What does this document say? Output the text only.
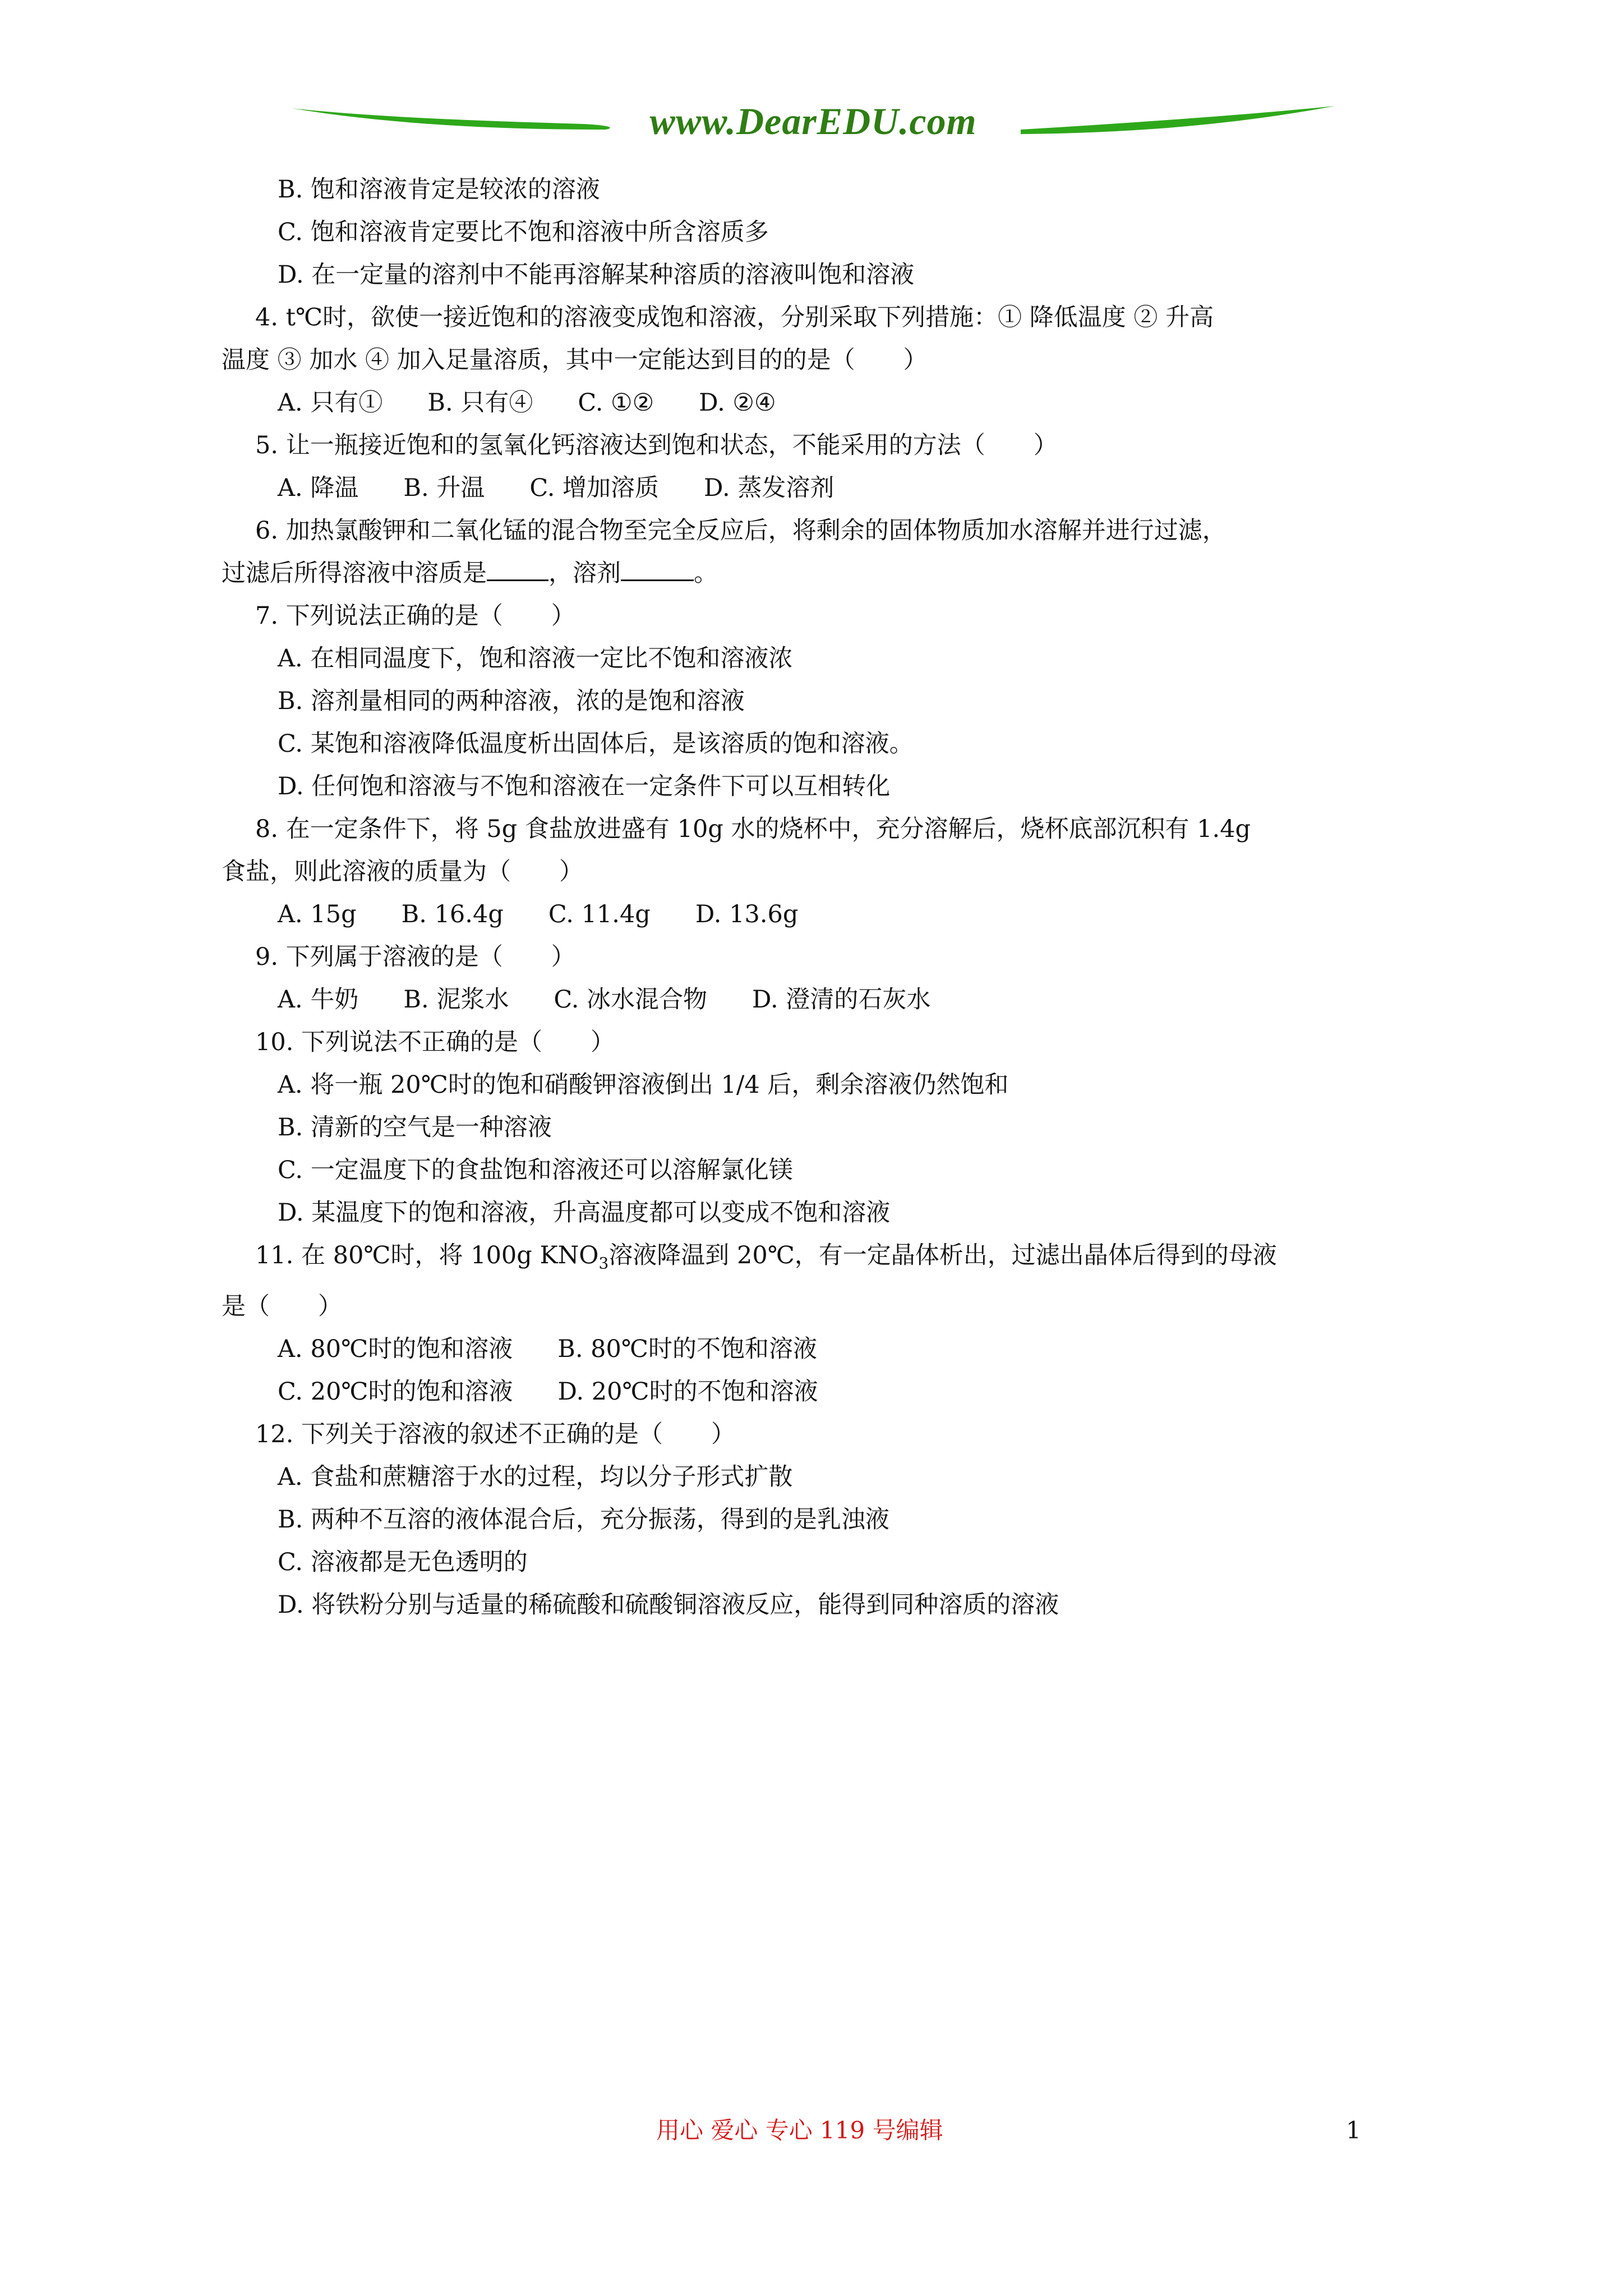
www.DearEDU.com
B. 饱和溶液肯定是较浓的溶液
C. 饱和溶液肯定要比不饱和溶液中所含溶质多
D. 在一定量的溶剂中不能再溶解某种溶质的溶液叫饱和溶液
4. t℃时，欲使一接近饱和的溶液变成饱和溶液，分别采取下列措施：① 降低温度 ② 升高
温度 ③ 加水 ④ 加入足量溶质，其中一定能达到目的的是（　　）
A. 只有① B. 只有④ C. ①② D. ②④
5. 让一瓶接近饱和的氢氧化钙溶液达到饱和状态，不能采用的方法（　　）
A. 降温 B. 升温 C. 增加溶质 D. 蒸发溶剂
6. 加热氯酸钾和二氧化锰的混合物至完全反应后，将剩余的固体物质加水溶解并进行过滤，
过滤后所得溶液中溶质是	，溶剂	。
7. 下列说法正确的是（　　）
A. 在相同温度下，饱和溶液一定比不饱和溶液浓
B. 溶剂量相同的两种溶液，浓的是饱和溶液
C. 某饱和溶液降低温度析出固体后，是该溶质的饱和溶液。
D. 任何饱和溶液与不饱和溶液在一定条件下可以互相转化
8. 在一定条件下，将 5g 食盐放进盛有 10g 水的烧杯中，充分溶解后，烧杯底部沉积有 1.4g
食盐，则此溶液的质量为（　　）
A. 15g B. 16.4g C. 11.4g D. 13.6g
9. 下列属于溶液的是（　　）
A. 牛奶 B. 泥浆水 C. 冰水混合物 D. 澄清的石灰水
10. 下列说法不正确的是（　　）
A. 将一瓶 20℃时的饱和硝酸钾溶液倒出 1/4 后，剩余溶液仍然饱和
B. 清新的空气是一种溶液
C. 一定温度下的食盐饱和溶液还可以溶解氯化镁
D. 某温度下的饱和溶液，升高温度都可以变成不饱和溶液
11. 在 80℃时，将 100g $KNO_3$溶液降温到 20℃，有一定晶体析出，过滤出晶体后得到的母液
是（　　）
A. 80℃时的饱和溶液 B. 80℃时的不饱和溶液
C. 20℃时的饱和溶液 D. 20℃时的不饱和溶液
12. 下列关于溶液的叙述不正确的是（　　）
A. 食盐和蔗糖溶于水的过程，均以分子形式扩散
B. 两种不互溶的液体混合后，充分振荡，得到的是乳浊液
C. 溶液都是无色透明的
D. 将铁粉分别与适量的稀硫酸和硫酸铜溶液反应，能得到同种溶质的溶液
用心 爱心 专心 119 号编辑	1
